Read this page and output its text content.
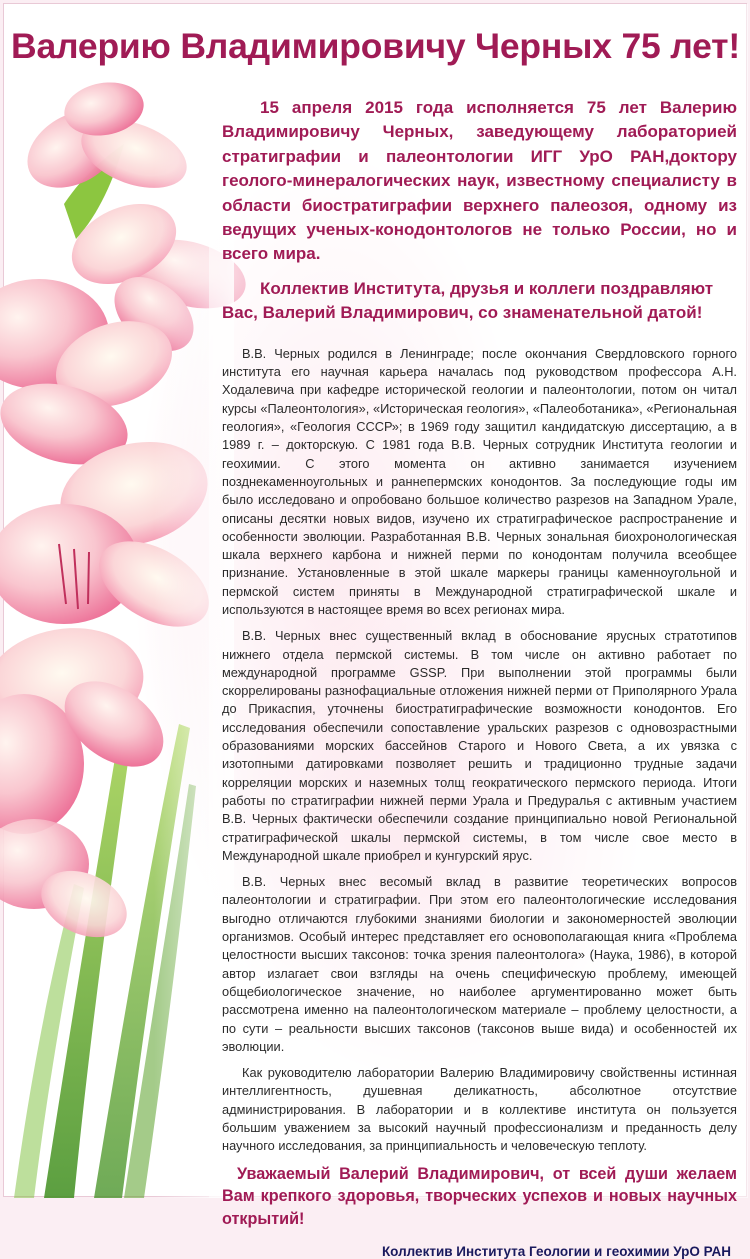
Валерию Владимировичу Черных 75 лет!

15 апреля 2015 года исполняется 75 лет Валерию Владимировичу Черных, заведующему лабораторией стратиграфии и палеонтологии ИГГ УрО РАН,доктору геолого-минералогических наук, известному специалисту в области биостратиграфии верхнего палеозоя, одному из ведущих ученых-конодонтологов не только России, но и всего мира.

Коллектив Института, друзья и коллеги поздравляют Вас, Валерий Владимирович, со знаменательной датой!

В.В. Черных родился в Ленинграде; после окончания Свердловского горного института его научная карьера началась под руководством профессора А.Н. Ходалевича при кафедре исторической геологии и палеонтологии, потом он читал курсы «Палеонтология», «Историческая геология», «Палеоботаника», «Региональная геология», «Геология СССР»; в 1969 году защитил кандидатскую диссертацию, а в 1989 г. – докторскую. С 1981 года В.В. Черных сотрудник Института геологии и геохимии. С этого момента он активно занимается изучением позднекаменноугольных и раннепермских конодонтов. За последующие годы им было исследовано и опробовано большое количество разрезов на Западном Урале, описаны десятки новых видов, изучено их стратиграфическое распространение и особенности эволюции. Разработанная В.В. Черных зональная биохронологическая шкала верхнего карбона и нижней перми по конодонтам получила всеобщее признание. Установленные в этой шкале маркеры границы каменноугольной и пермской систем приняты в Международной стратиграфической шкале и используются в настоящее время во всех регионах мира.

В.В. Черных внес существенный вклад в обоснование ярусных стратотипов нижнего отдела пермской системы. В том числе он активно работает по международной программе GSSP. При выполнении этой программы были скоррелированы разнофациальные отложения нижней перми от Приполярного Урала до Прикаспия, уточнены биостратиграфические возможности конодонтов. Его исследования обеспечили сопоставление уральских разрезов с одновозрастными образованиями морских бассейнов Старого и Нового Света, а их увязка с изотопными датировками позволяет решить и традиционно трудные задачи корреляции морских и наземных толщ геократического пермского периода. Итоги работы по стратиграфии нижней перми Урала и Предуралья с активным участием В.В. Черных фактически обеспечили создание принципиально новой Региональной стратиграфической шкалы пермской системы, в том числе свое место в Международной шкале приобрел и кунгурский ярус.

В.В. Черных внес весомый вклад в развитие теоретических вопросов палеонтологии и стратиграфии. При этом его палеонтологические исследования выгодно отличаются глубокими знаниями биологии и закономерностей эволюции организмов. Особый интерес представляет его основополагающая книга «Проблема целостности высших таксонов: точка зрения палеонтолога» (Наука, 1986), в которой автор излагает свои взгляды на очень специфическую проблему, имеющей общебиологическое значение, но наиболее аргументированно может быть рассмотрена именно на палеонтологическом материале – проблему целостности, а по сути – реальности высших таксонов (таксонов выше вида) и особенностей их эволюции.

Как руководителю лаборатории Валерию Владимировичу свойственны истинная интеллигентность, душевная деликатность, абсолютное отсутствие администрирования. В лаборатории и в коллективе института он пользуется большим уважением за высокий научный профессионализм и преданность делу научного исследования, за принципиальность и человеческую теплоту.

Уважаемый Валерий Владимирович, от всей души желаем Вам крепкого здоровья, творческих успехов и новых научных открытий!

Коллектив Института Геологии и геохимии УрО РАН
